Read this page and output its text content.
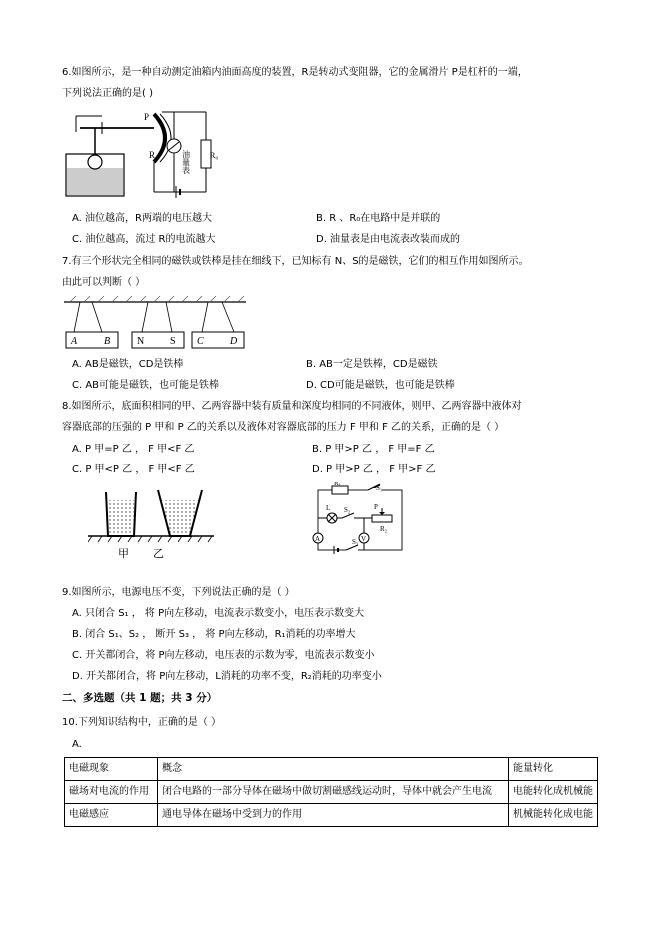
6.如图所示，是一种自动测定油箱内油面高度的装置，R是转动式变阻器，它的金属滑片 P是杠杆的一端，
下列说法正确的是( )
P
R	油量表 R₀
A. 油位越高，R两端的电压越大	B. R 、R₀在电路中是并联的
C. 油位越高，流过 R的电流越大	D. 油量表是由电流表改装而成的
7.有三个形状完全相同的磁铁或铁棒是挂在细线下，已知标有 N、S的是磁铁，它们的相互作用如图所示。
由此可以判断（ ）
A	B	N	S C	D
A. AB是磁铁，CD是铁棒	B. AB一定是铁棒，CD是磁铁
C. AB可能是磁铁，也可能是铁棒	D. CD可能是磁铁，也可能是铁棒
8.如图所示，底面积相同的甲、乙两容器中装有质量和深度均相同的不同液体，则甲、乙两容器中液体对
容器底部的压强的 P 甲和 P 乙的关系以及液体对容器底部的压力 F 甲和 F 乙的关系，正确的是（ ）
A. P 甲=P 乙 ， F 甲<F 乙	B. P 甲>P 乙 ， F 甲=F 乙
C. P 甲<P 乙 ， F 甲<F 乙	D. P 甲>P 乙 ， F 甲>F 乙
甲 乙
R₁
S₁
L S₂	P
R₂
A	V
S₃
9.如图所示，电源电压不变，下列说法正确的是（ ）
A. 只闭合 S₁ ， 将 P向左移动，电流表示数变小，电压表示数变大
B. 闭合 S₁、S₂ ， 断开 S₃ ， 将 P向左移动，R₁消耗的功率增大
C. 开关都闭合，将 P向左移动，电压表的示数为零，电流表示数变小
D. 开关都闭合，将 P向左移动，L消耗的功率不变，R₂消耗的功率变小
二、多选题（共 1 题；共 3 分）
10.下列知识结构中，正确的是（ ）
A.
电磁现象	概念	能量转化
磁场对电流的作用	闭合电路的一部分导体在磁场中做切割磁感线运动时，导体中就会产生电流	电能转化成机械能
电磁感应	通电导体在磁场中受到力的作用	机械能转化成电能
